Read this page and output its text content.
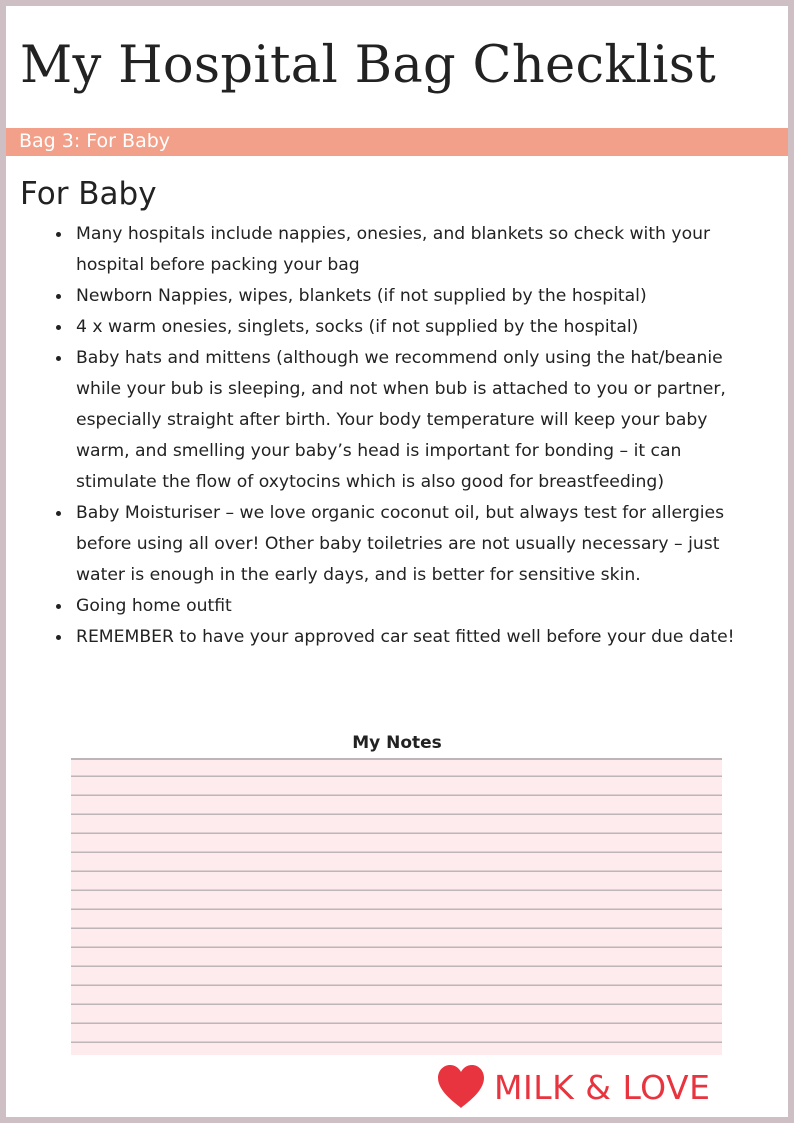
My Hospital Bag Checklist
Bag 3: For Baby
For Baby
Many hospitals include nappies, onesies, and blankets so check with your hospital before packing your bag
Newborn Nappies, wipes, blankets (if not supplied by the hospital)
4 x warm onesies, singlets, socks (if not supplied by the hospital)
Baby hats and mittens (although we recommend only using the hat/beanie while your bub is sleeping, and not when bub is attached to you or partner, especially straight after birth. Your body temperature will keep your baby warm, and smelling your baby’s head is important for bonding – it can stimulate the flow of oxytocins which is also good for breastfeeding)
Baby Moisturiser – we love organic coconut oil, but always test for allergies before using all over! Other baby toiletries are not usually necessary – just water is enough in the early days, and is better for sensitive skin.
Going home outfit
REMEMBER to have your approved car seat fitted well before your due date!
My Notes
MILK & LOVE
